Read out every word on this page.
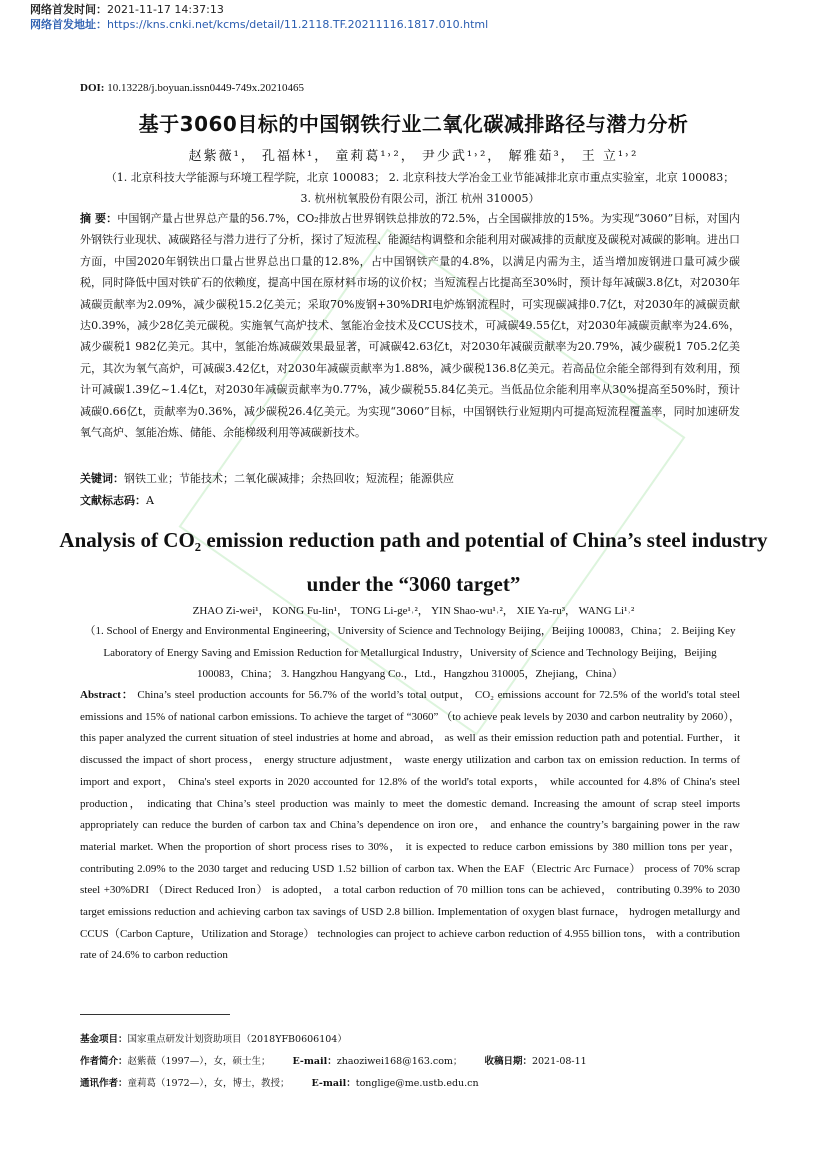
网络首发时间：2021-11-17 14:37:13
网络首发地址：https://kns.cnki.net/kcms/detail/11.2118.TF.20211116.1817.010.html
DOI: 10.13228/j.boyuan.issn0449-749x.20210465
基于3060目标的中国钢铁行业二氧化碳减排路径与潜力分析
赵紫薇¹， 孔福林¹， 童莉葛¹˒²， 尹少武¹˒²， 解雅茹³， 王 立¹˒²
（1. 北京科技大学能源与环境工程学院，北京 100083； 2. 北京科技大学冶金工业节能减排北京市重点实验室，北京 100083； 3. 杭州杭氧股份有限公司，浙江 杭州 310005）
摘 要：中国钢产量占世界总产量的56.7%，CO₂排放占世界钢铁总排放的72.5%，占全国碳排放的15%。为实现“3060”目标，对国内外钢铁行业现状、减碳路径与潜力进行了分析，探讨了短流程、能源结构调整和余能利用对碳减排的贡献度及碳税对减碳的影响。进出口方面，中国2020年钢铁出口量占世界总出口量的12.8%，占中国钢铁产量的4.8%，以满足内需为主，适当增加废钢进口量可减少碳税，同时降低中国对铁矿石的依赖度，提高中国在原材料市场的议价权；当短流程占比提高至30%时，预计每年减碳3.8亿t，对2030年减碳贡献率为2.09%，减少碳税15.2亿美元；采取70%废钢+30%DRI电炉炼钢流程时，可实现碳减排0.7亿t，对2030年的减碳贡献达0.39%，减少28亿美元碳税。实施氧气高炉技术、氢能冶金技术及CCUS技术，可减碳49.55亿t，对2030年减碳贡献率为24.6%，减少碳税1 982亿美元。其中，氢能冶炼减碳效果最显著，可减碳42.63亿t，对2030年减碳贡献率为20.79%，减少碳税1 705.2亿美元，其次为氧气高炉，可减碳3.42亿t，对2030年减碳贡献率为1.88%，减少碳税136.8亿美元。若高品位余能全部得到有效利用，预计可减碳1.39亿~1.4亿t，对2030年减碳贡献率为0.77%，减少碳税55.84亿美元。当低品位余能利用率从30%提高至50%时，预计减碳0.66亿t，贡献率为0.36%，减少碳税26.4亿美元。为实现“3060”目标，中国钢铁行业短期内可提高短流程覆盖率，同时加速研发氧气高炉、氢能冶炼、储能、余能梯级利用等减碳新技术。
关键词：钢铁工业；节能技术；二氧化碳减排；余热回收；短流程；能源供应
文献标志码：A
Analysis of CO₂ emission reduction path and potential of China’s steel industry under the “3060 target”
ZHAO Zi-wei¹， KONG Fu-lin¹， TONG Li-ge¹˒²， YIN Shao-wu¹˒²， XIE Ya-ru³， WANG Li¹˒²
（1. School of Energy and Environmental Engineering，University of Science and Technology Beijing，Beijing 100083，China； 2. Beijing Key Laboratory of Energy Saving and Emission Reduction for Metallurgical Industry，University of Science and Technology Beijing，Beijing 100083，China； 3. Hangzhou Hangyang Co.，Ltd.，Hangzhou 310005，Zhejiang，China）
Abstract： China’s steel production accounts for 56.7% of the world’s total output， CO₂ emissions account for 72.5% of the world's total steel emissions and 15% of national carbon emissions. To achieve the target of “3060” （to achieve peak levels by 2030 and carbon neutrality by 2060）， this paper analyzed the current situation of steel industries at home and abroad， as well as their emission reduction path and potential. Further， it discussed the impact of short process， energy structure adjustment， waste energy utilization and carbon tax on emission reduction. In terms of import and export， China's steel exports in 2020 accounted for 12.8% of the world's total exports， while accounted for 4.8% of China's steel production， indicating that China’s steel production was mainly to meet the domestic demand. Increasing the amount of scrap steel imports appropriately can reduce the burden of carbon tax and China’s dependence on iron ore， and enhance the country’s bargaining power in the raw material market. When the proportion of short process rises to 30%， it is expected to reduce carbon emissions by 380 million tons per year， contributing 2.09% to the 2030 target and reducing USD 1.52 billion of carbon tax. When the EAF（Electric Arc Furnace） process of 70% scrap steel +30%DRI （Direct Reduced Iron） is adopted， a total carbon reduction of 70 million tons can be achieved， contributing 0.39% to 2030 target emissions reduction and achieving carbon tax savings of USD 2.8 billion. Implementation of oxygen blast furnace， hydrogen metallurgy and CCUS（Carbon Capture，Utilization and Storage） technologies can project to achieve carbon reduction of 4.955 billion tons， with a contribution rate of 24.6% to carbon reduction
基金项目：国家重点研发计划资助项目（2018YFB0606104）
作者简介：赵紫薇（1997—），女，硕士生； E-mail：zhaoziwei168@163.com； 收稿日期：2021-08-11
通讯作者：童莉葛（1972—），女，博士，教授； E-mail：tonglige@me.ustb.edu.cn
